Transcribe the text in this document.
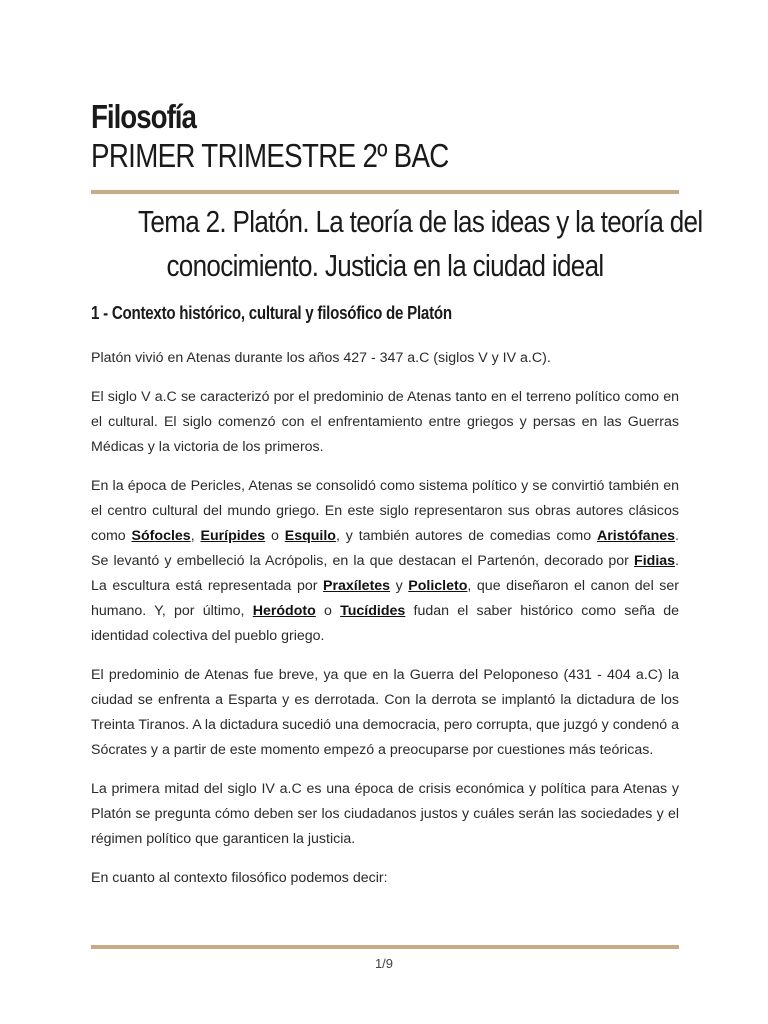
Filosofía
PRIMER TRIMESTRE 2º BAC
Tema 2. Platón. La teoría de las ideas y la teoría del
conocimiento. Justicia en la ciudad ideal
1 - Contexto histórico, cultural y filosófico de Platón

Platón vivió en Atenas durante los años 427 - 347 a.C (siglos V y IV a.C).

El siglo V a.C se caracterizó por el predominio de Atenas tanto en el terreno político como en el cultural. El siglo comenzó con el enfrentamiento entre griegos y persas en las Guerras Médicas y la victoria de los primeros.

En la época de Pericles, Atenas se consolidó como sistema político y se convirtió también en el centro cultural del mundo griego. En este siglo representaron sus obras autores clásicos como Sófocles, Eurípides o Esquilo, y también autores de comedias como Aristófanes. Se levantó y embelleció la Acrópolis, en la que destacan el Partenón, decorado por Fidias. La escultura está representada por Praxíletes y Policleto, que diseñaron el canon del ser humano. Y, por último, Heródoto o Tucídides fudan el saber histórico como seña de identidad colectiva del pueblo griego.

El predominio de Atenas fue breve, ya que en la Guerra del Peloponeso (431 - 404 a.C) la ciudad se enfrenta a Esparta y es derrotada. Con la derrota se implantó la dictadura de los Treinta Tiranos. A la dictadura sucedió una democracia, pero corrupta, que juzgó y condenó a Sócrates y a partir de este momento empezó a preocuparse por cuestiones más teóricas.

La primera mitad del siglo IV a.C es una época de crisis económica y política para Atenas y Platón se pregunta cómo deben ser los ciudadanos justos y cuáles serán las sociedades y el régimen político que garanticen la justicia.

En cuanto al contexto filosófico podemos decir:

1/9
